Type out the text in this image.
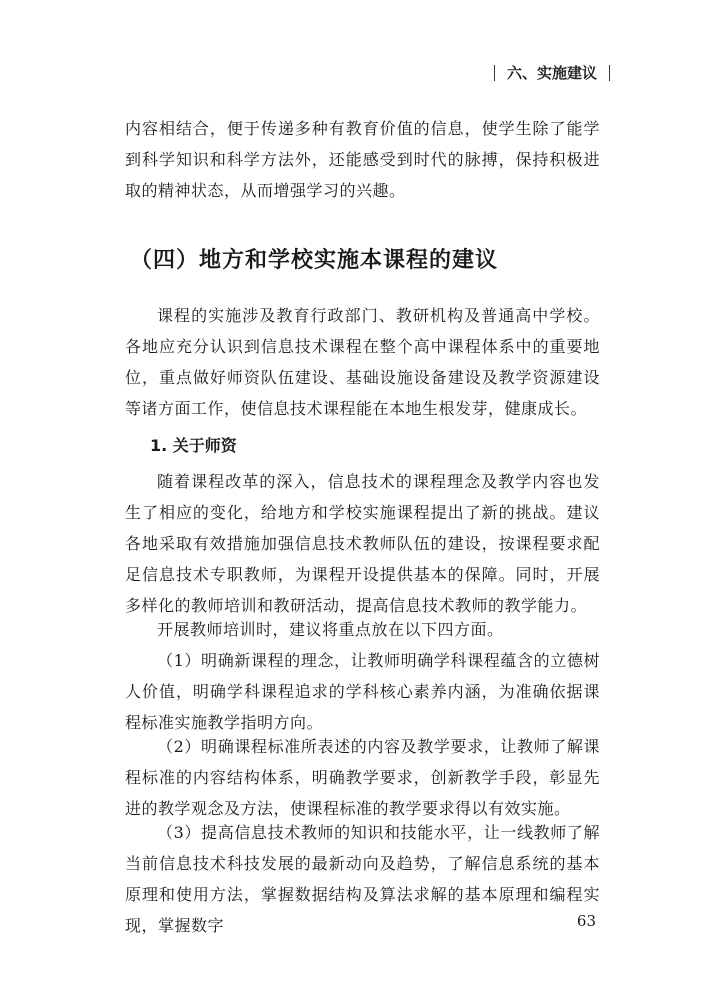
六、实施建议

内容相结合，便于传递多种有教育价值的信息，使学生除了能学到科学知识和科学方法外，还能感受到时代的脉搏，保持积极进取的精神状态，从而增强学习的兴趣。

（四）地方和学校实施本课程的建议

课程的实施涉及教育行政部门、教研机构及普通高中学校。各地应充分认识到信息技术课程在整个高中课程体系中的重要地位，重点做好师资队伍建设、基础设施设备建设及教学资源建设等诸方面工作，使信息技术课程能在本地生根发芽，健康成长。

1. 关于师资

随着课程改革的深入，信息技术的课程理念及教学内容也发生了相应的变化，给地方和学校实施课程提出了新的挑战。建议各地采取有效措施加强信息技术教师队伍的建设，按课程要求配足信息技术专职教师，为课程开设提供基本的保障。同时，开展多样化的教师培训和教研活动，提高信息技术教师的教学能力。

开展教师培训时，建议将重点放在以下四方面。

（1）明确新课程的理念，让教师明确学科课程蕴含的立德树人价值，明确学科课程追求的学科核心素养内涵，为准确依据课程标准实施教学指明方向。

（2）明确课程标准所表述的内容及教学要求，让教师了解课程标准的内容结构体系，明确教学要求，创新教学手段，彰显先进的教学观念及方法，使课程标准的教学要求得以有效实施。

（3）提高信息技术教师的知识和技能水平，让一线教师了解当前信息技术科技发展的最新动向及趋势，了解信息系统的基本原理和使用方法，掌握数据结构及算法求解的基本原理和编程实现，掌握数字	63
